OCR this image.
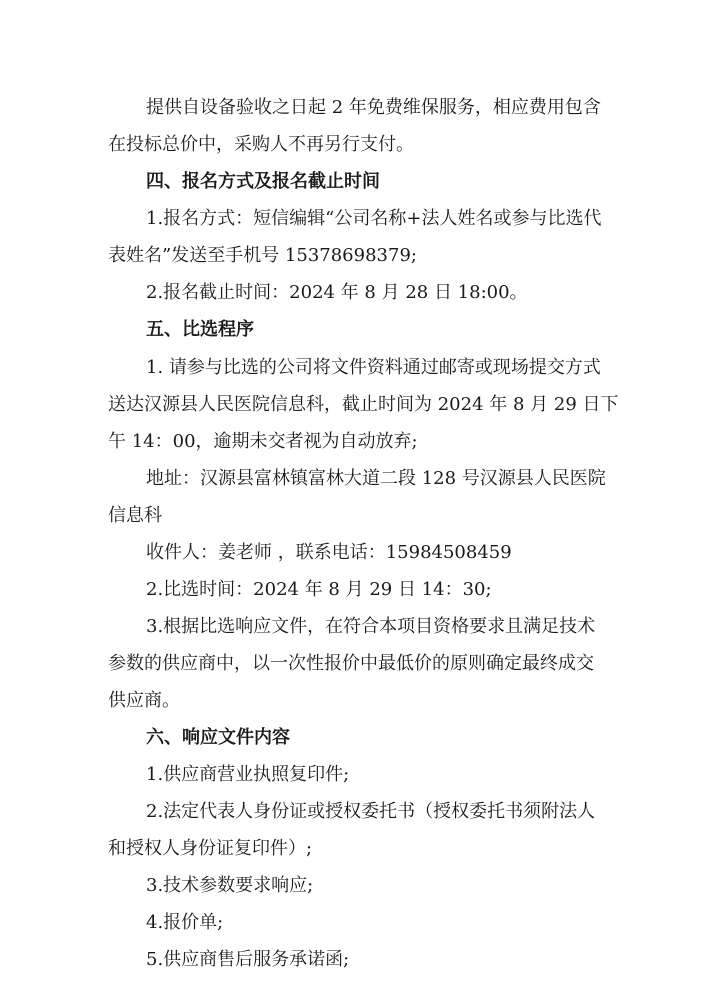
提供自设备验收之日起 2 年免费维保服务，相应费用包含
在投标总价中，采购人不再另行支付。
四、报名方式及报名截止时间
1.报名方式：短信编辑“公司名称+法人姓名或参与比选代
表姓名”发送至手机号 15378698379;
2.报名截止时间：2024 年 8 月 28 日 18:00。
五、比选程序
1. 请参与比选的公司将文件资料通过邮寄或现场提交方式
送达汉源县人民医院信息科，截止时间为 2024 年 8 月 29 日下
午 14：00，逾期未交者视为自动放弃;
地址：汉源县富林镇富林大道二段 128 号汉源县人民医院
信息科
收件人：姜老师 ，联系电话：15984508459
2.比选时间：2024 年 8 月 29 日 14：30;
3.根据比选响应文件，在符合本项目资格要求且满足技术
参数的供应商中，以一次性报价中最低价的原则确定最终成交
供应商。
六、响应文件内容
1.供应商营业执照复印件;
2.法定代表人身份证或授权委托书（授权委托书须附法人
和授权人身份证复印件）;
3.技术参数要求响应;
4.报价单;
5.供应商售后服务承诺函;
